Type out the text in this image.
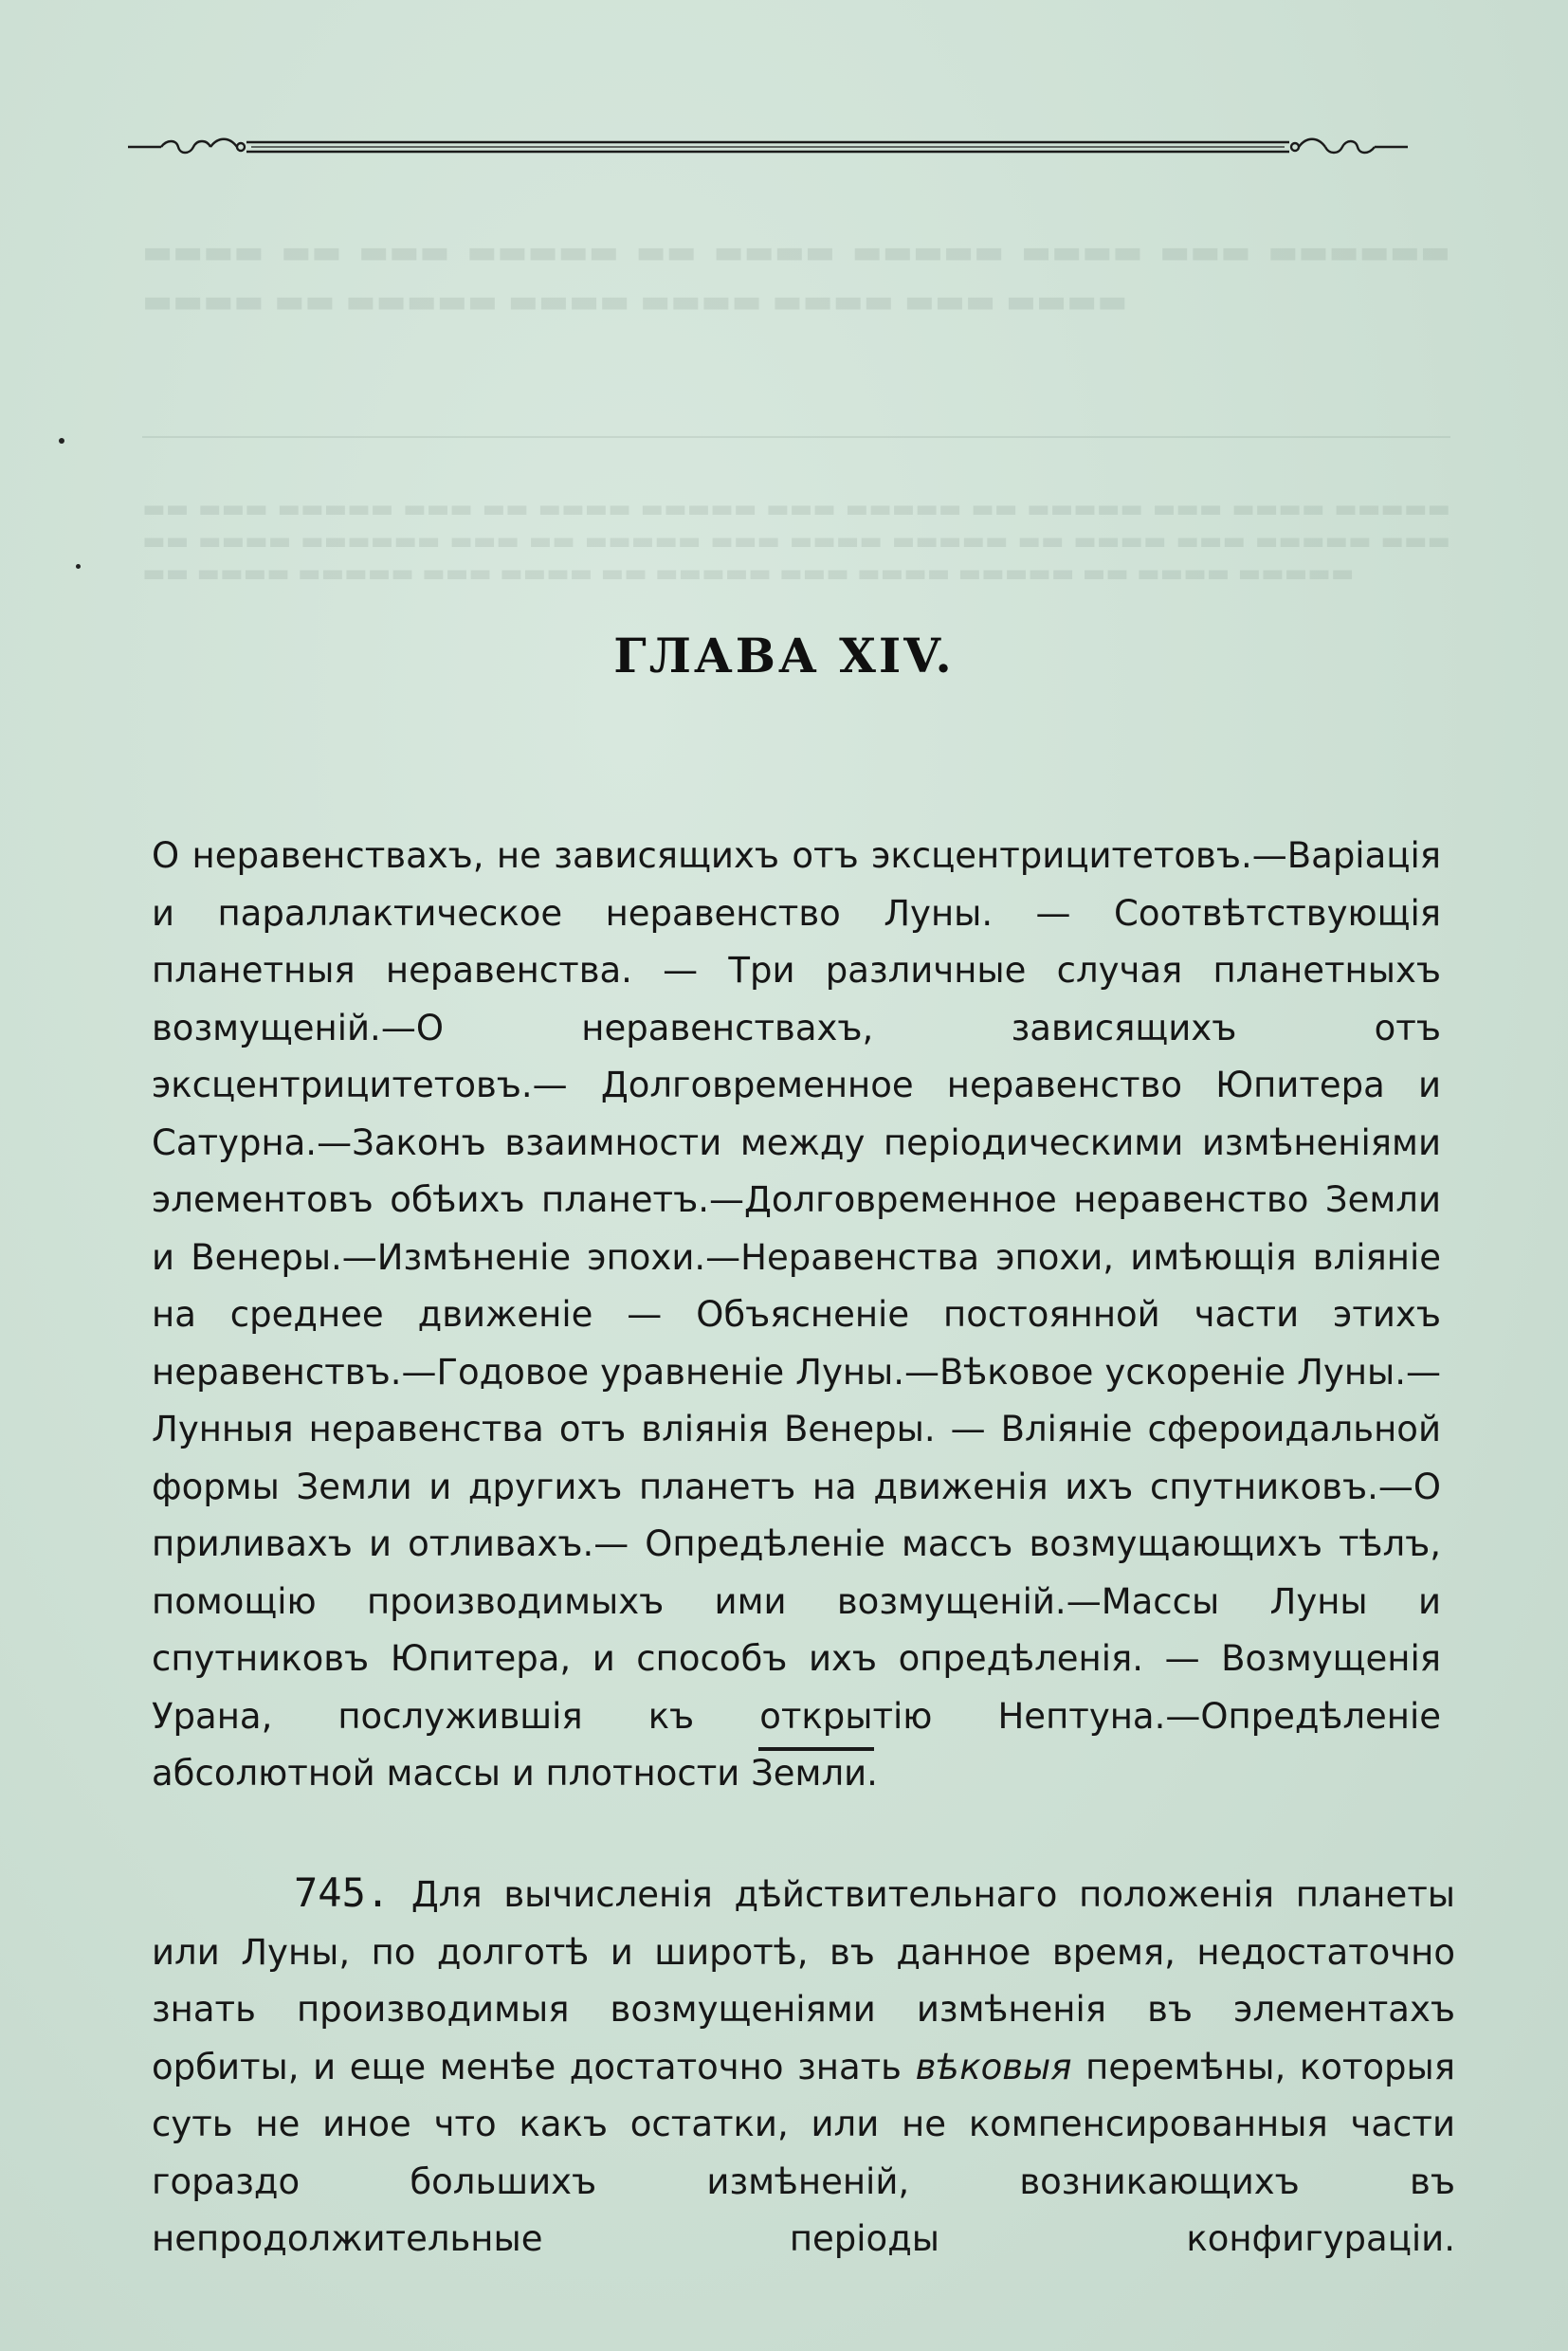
▬▬▬▬ ▬▬ ▬▬▬ ▬▬▬▬▬ ▬▬ ▬▬▬▬ ▬▬▬▬▬ ▬▬▬▬ ▬▬▬ ▬▬▬▬▬▬ ▬▬▬▬ ▬▬ ▬▬▬▬▬ ▬▬▬▬ ▬▬▬▬ ▬▬▬▬ ▬▬▬ ▬▬▬▬
▬▬ ▬▬▬ ▬▬▬▬▬ ▬▬▬ ▬▬ ▬▬▬▬ ▬▬▬▬▬ ▬▬▬ ▬▬▬▬▬ ▬▬ ▬▬▬▬▬ ▬▬▬ ▬▬▬▬ ▬▬▬▬▬ ▬▬ ▬▬▬▬ ▬▬▬▬▬▬ ▬▬▬ ▬▬ ▬▬▬▬▬ ▬▬▬ ▬▬▬▬ ▬▬▬▬▬ ▬▬ ▬▬▬▬ ▬▬▬ ▬▬▬▬▬ ▬▬▬ ▬▬ ▬▬▬▬ ▬▬▬▬▬ ▬▬▬ ▬▬▬▬ ▬▬ ▬▬▬▬▬ ▬▬▬ ▬▬▬▬ ▬▬▬▬▬ ▬▬ ▬▬▬▬ ▬▬▬▬▬
ГЛАВА XIV.

О неравенствахъ, не зависящихъ отъ эксцентрицитетовъ.—Варіація и параллактическое неравенство Луны. — Соотвѣтствующія планетныя неравенства. — Три различные случая планетныхъ возмущеній.—О неравенствахъ, зависящихъ отъ эксцентрицитетовъ.— Долговременное неравенство Юпитера и Сатурна.—Законъ взаимности между періодическими измѣненіями элементовъ обѣихъ планетъ.—Долговременное неравенство Земли и Венеры.—Измѣненіе эпохи.—Неравенства эпохи, имѣющія вліяніе на среднее движеніе — Объясненіе постоянной части этихъ неравенствъ.—Годовое уравненіе Луны.—Вѣковое ускореніе Луны.—Лунныя неравенства отъ вліянія Венеры. — Вліяніе сфероидальной формы Земли и другихъ планетъ на движенія ихъ спутниковъ.—О приливахъ и отливахъ.— Опредѣленіе массъ возмущающихъ тѣлъ, помощію производимыхъ ими возмущеній.—Массы Луны и спутниковъ Юпитера, и способъ ихъ опредѣленія. — Возмущенія Урана, послужившія къ открытію Нептуна.—Опредѣленіе абсолютной массы и плотности Земли.

745. Для вычисленія дѣйствительнаго положенія планеты или Луны, по долготѣ и широтѣ, въ данное время, недостаточно знать производимыя возмущеніями измѣненія въ элементахъ орбиты, и еще менѣе достаточно знать вѣковыя перемѣны, которыя суть не иное что какъ остатки, или не компенсированныя части гораздо большихъ измѣненій, возникающихъ въ непродолжительные періоды конфигураціи.
